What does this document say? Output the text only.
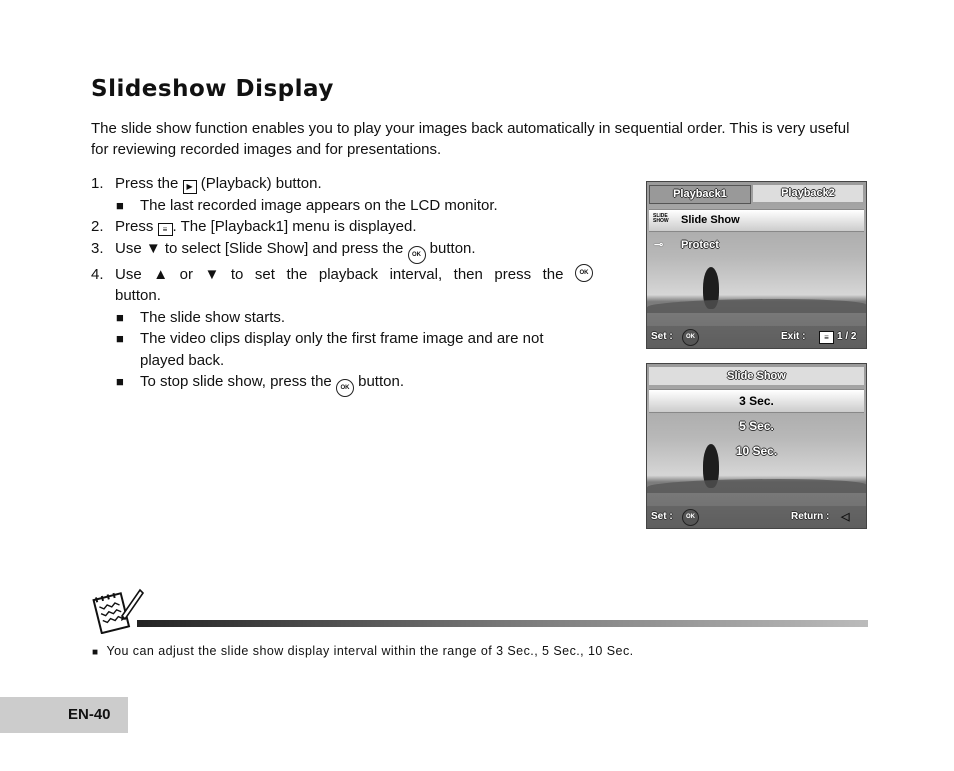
Slideshow Display

The slide show function enables you to play your images back automatically in sequential order. This is very useful for reviewing recorded images and for presentations.

1. Press the ▶ (Playback) button.
■ The last recorded image appears on the LCD monitor.
2. Press ≡ . The [Playback1] menu is displayed.
3. Use ▼ to select [Slide Show] and press the OK button.
4. Use ▲ or ▼ to set the playback interval, then press the	OK
button.
■ The slide show starts.
■ The video clips display only the first frame image and are not
played back.
■ To stop slide show, press the OK button.
Playback1	Playback2
SLIDE SHOW	Slide Show
⊸ Protect
Set :	OK	Exit :	≡ 1 / 2
Slide Show
3 Sec.
5 Sec.
10 Sec.
Set :	OK	Return : ◁
■ You can adjust the slide show display interval within the range of 3 Sec., 5 Sec., 10 Sec.
EN-40
